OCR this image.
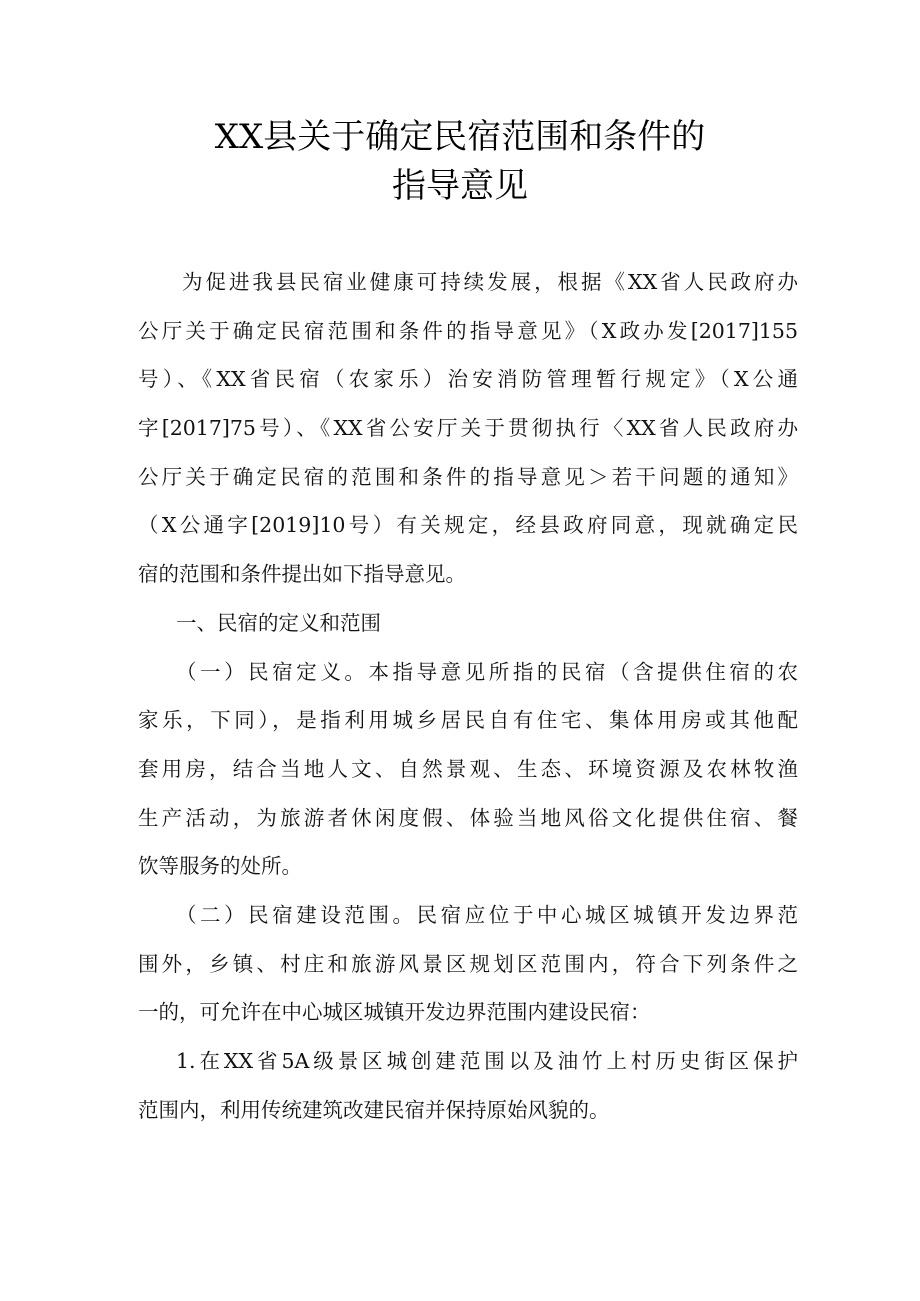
XX县关于确定民宿范围和条件的
指导意见
为促进我县民宿业健康可持续发展，根据《XX省人民政府办
公厅关于确定民宿范围和条件的指导意见》（X政办发[2017]155
号）、《XX省民宿（农家乐）治安消防管理暂行规定》（X公通
字[2017]75号）、《XX省公安厅关于贯彻执行〈XX省人民政府办
公厅关于确定民宿的范围和条件的指导意见＞若干问题的通知》
（X公通字[2019]10号）有关规定，经县政府同意，现就确定民
宿的范围和条件提出如下指导意见。
一、民宿的定义和范围
（一）民宿定义。本指导意见所指的民宿（含提供住宿的农
家乐，下同），是指利用城乡居民自有住宅、集体用房或其他配
套用房，结合当地人文、自然景观、生态、环境资源及农林牧渔
生产活动，为旅游者休闲度假、体验当地风俗文化提供住宿、餐
饮等服务的处所。
（二）民宿建设范围。民宿应位于中心城区城镇开发边界范
围外，乡镇、村庄和旅游风景区规划区范围内，符合下列条件之
一的，可允许在中心城区城镇开发边界范围内建设民宿：
1.在XX省5A级景区城创建范围以及油竹上村历史街区保护
范围内，利用传统建筑改建民宿并保持原始风貌的。
